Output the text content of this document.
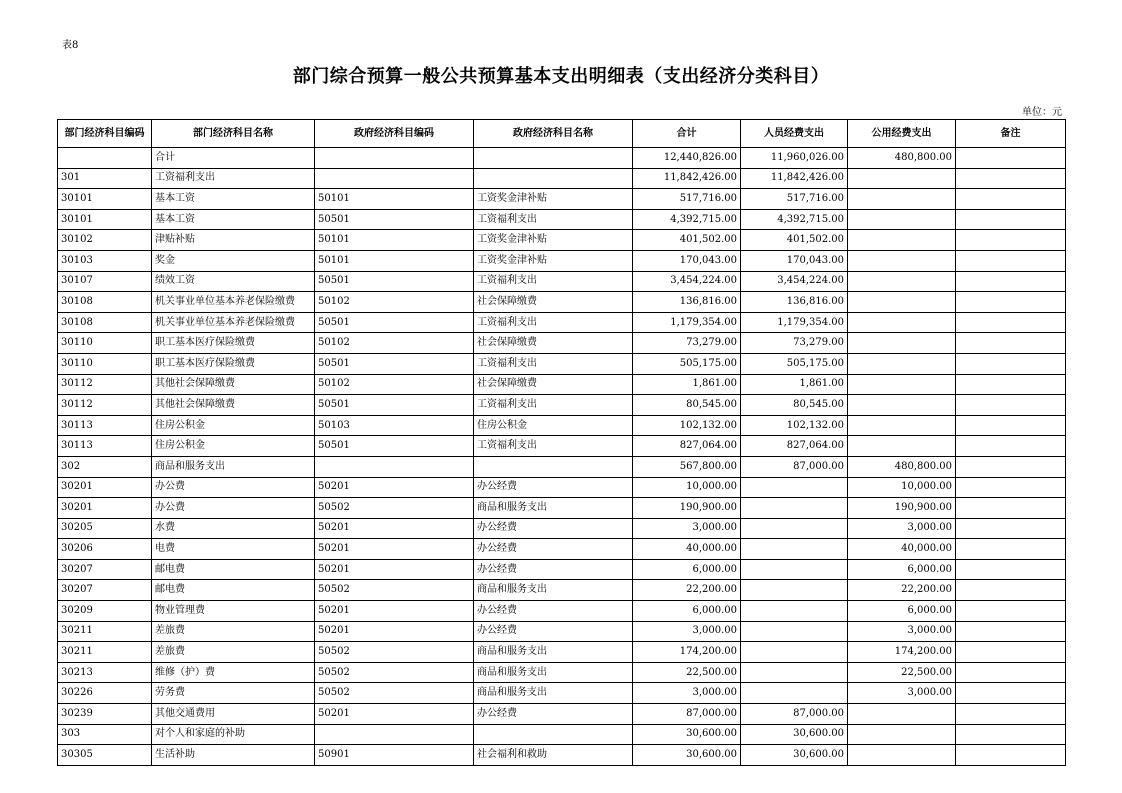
表8
部门综合预算一般公共预算基本支出明细表（支出经济分类科目）
单位：元
部门经济科目编码	部门经济科目名称	政府经济科目编码	政府经济科目名称	合计	人员经费支出	公用经费支出	备注
	合计			12,440,826.00	11,960,026.00	480,800.00	
301	工资福利支出			11,842,426.00	11,842,426.00		
30101	基本工资	50101	工资奖金津补贴	517,716.00	517,716.00		
30101	基本工资	50501	工资福利支出	4,392,715.00	4,392,715.00		
30102	津贴补贴	50101	工资奖金津补贴	401,502.00	401,502.00		
30103	奖金	50101	工资奖金津补贴	170,043.00	170,043.00		
30107	绩效工资	50501	工资福利支出	3,454,224.00	3,454,224.00		
30108	机关事业单位基本养老保险缴费	50102	社会保障缴费	136,816.00	136,816.00		
30108	机关事业单位基本养老保险缴费	50501	工资福利支出	1,179,354.00	1,179,354.00		
30110	职工基本医疗保险缴费	50102	社会保障缴费	73,279.00	73,279.00		
30110	职工基本医疗保险缴费	50501	工资福利支出	505,175.00	505,175.00		
30112	其他社会保障缴费	50102	社会保障缴费	1,861.00	1,861.00		
30112	其他社会保障缴费	50501	工资福利支出	80,545.00	80,545.00		
30113	住房公积金	50103	住房公积金	102,132.00	102,132.00		
30113	住房公积金	50501	工资福利支出	827,064.00	827,064.00		
302	商品和服务支出			567,800.00	87,000.00	480,800.00	
30201	办公费	50201	办公经费	10,000.00		10,000.00	
30201	办公费	50502	商品和服务支出	190,900.00		190,900.00	
30205	水费	50201	办公经费	3,000.00		3,000.00	
30206	电费	50201	办公经费	40,000.00		40,000.00	
30207	邮电费	50201	办公经费	6,000.00		6,000.00	
30207	邮电费	50502	商品和服务支出	22,200.00		22,200.00	
30209	物业管理费	50201	办公经费	6,000.00		6,000.00	
30211	差旅费	50201	办公经费	3,000.00		3,000.00	
30211	差旅费	50502	商品和服务支出	174,200.00		174,200.00	
30213	维修（护）费	50502	商品和服务支出	22,500.00		22,500.00	
30226	劳务费	50502	商品和服务支出	3,000.00		3,000.00	
30239	其他交通费用	50201	办公经费	87,000.00	87,000.00		
303	对个人和家庭的补助			30,600.00	30,600.00		
30305	生活补助	50901	社会福利和救助	30,600.00	30,600.00		
